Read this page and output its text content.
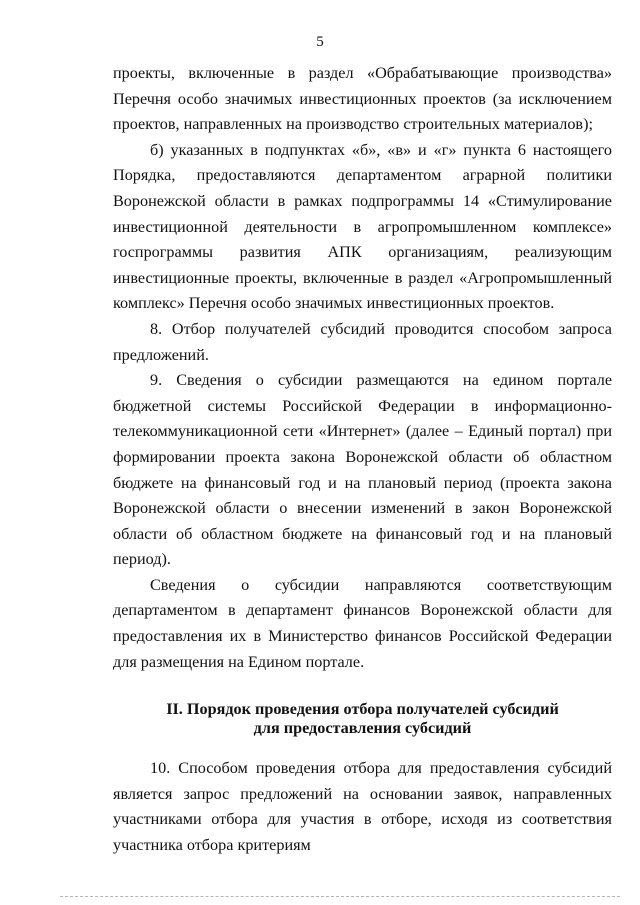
5

проекты, включенные в раздел «Обрабатывающие производства» Перечня особо значимых инвестиционных проектов (за исключением проектов, направленных на производство строительных материалов);

б) указанных в подпунктах «б», «в» и «г» пункта 6 настоящего Порядка, предоставляются департаментом аграрной политики Воронежской области в рамках подпрограммы 14 «Стимулирование инвестиционной деятельности в агропромышленном комплексе» госпрограммы развития АПК организациям, реализующим инвестиционные проекты, включенные в раздел «Агропромышленный комплекс» Перечня особо значимых инвестиционных проектов.

8. Отбор получателей субсидий проводится способом запроса предложений.

9. Сведения о субсидии размещаются на едином портале бюджетной системы Российской Федерации в информационно-телекоммуникационной сети «Интернет» (далее – Единый портал) при формировании проекта закона Воронежской области об областном бюджете на финансовый год и на плановый период (проекта закона Воронежской области о внесении изменений в закон Воронежской области об областном бюджете на финансовый год и на плановый период).

Сведения о субсидии направляются соответствующим департаментом в департамент финансов Воронежской области для предоставления их в Министерство финансов Российской Федерации для размещения на Едином портале.

II. Порядок проведения отбора получателей субсидий
для предоставления субсидий

10. Способом проведения отбора для предоставления субсидий является запрос предложений на основании заявок, направленных участниками отбора для участия в отборе, исходя из соответствия участника отбора критериям
